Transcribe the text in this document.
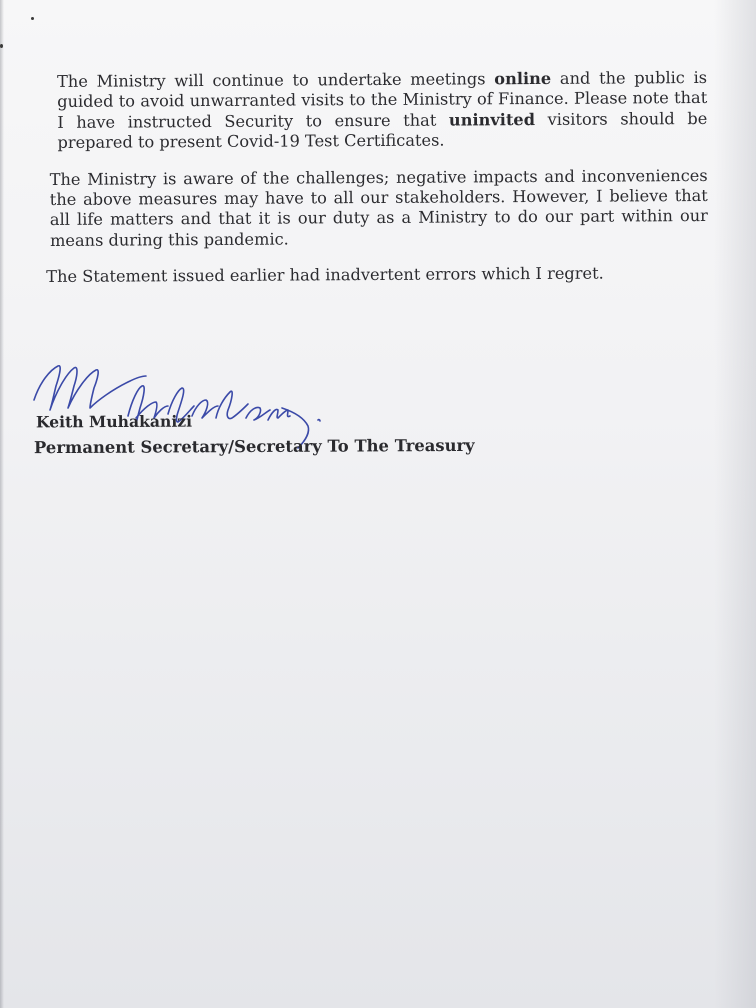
The Ministry will continue to undertake meetings online and the public is guided to avoid unwarranted visits to the Ministry of Finance. Please note that I have instructed Security to ensure that uninvited visitors should be prepared to present Covid-19 Test Certificates.

The Ministry is aware of the challenges; negative impacts and inconveniences the above measures may have to all our stakeholders. However, I believe that all life matters and that it is our duty as a Ministry to do our part within our means during this pandemic.

The Statement issued earlier had inadvertent errors which I regret.

Keith Muhakanizi

Permanent Secretary/Secretary To The Treasury
